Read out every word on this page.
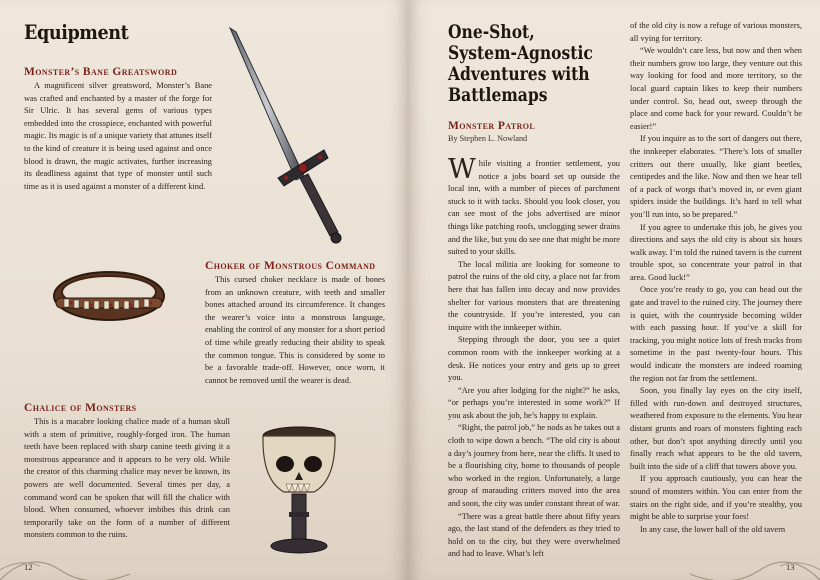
Equipment
Monster’s Bane Greatsword

A magnificent silver greatsword, Monster’s Bane was crafted and enchanted by a master of the forge for Sir Ulric. It has several gems of various types embedded into the crosspiece, enchanted with powerful magic. Its magic is of a unique variety that attunes itself to the kind of creature it is being used against and once blood is drawn, the magic activates, further increasing its deadliness against that type of monster until such time as it is used against a monster of a different kind.

Choker of Monstrous Command

This cursed choker necklace is made of bones from an unknown creature, with teeth and smaller bones attached around its circumference. It changes the wearer’s voice into a monstrous language, enabling the control of any monster for a short period of time while greatly reducing their ability to speak the common tongue. This is considered by some to be a favorable trade-off. However, once worn, it cannot be removed until the wearer is dead.

Chalice of Monsters

This is a macabre looking chalice made of a human skull with a stem of primitive, roughly-forged iron. The human teeth have been replaced with sharp canine teeth giving it a monstrous appearance and it appears to be very old. While the creator of this charming chalice may never be known, its powers are well documented. Several times per day, a command word can be spoken that will fill the chalice with blood. When consumed, whoever imbibes this drink can temporarily take on the form of a number of different monsters common to the ruins.

12
One-Shot, System-Agnostic Adventures with Battlemaps
Monster Patrol
By Stephen L. Nowland

While visiting a frontier settlement, you notice a jobs board set up outside the local inn, with a number of pieces of parchment stuck to it with tacks. Should you look closer, you can see most of the jobs advertised are minor things like patching roofs, unclogging sewer drains and the like, but you do see one that might be more suited to your skills.

The local militia are looking for someone to patrol the ruins of the old city, a place not far from here that has fallen into decay and now provides shelter for various monsters that are threatening the countryside. If you’re interested, you can inquire with the innkeeper within.

Stepping through the door, you see a quiet common room with the innkeeper working at a desk. He notices your entry and gets up to greet you.

“Are you after lodging for the night?” he asks, “or perhaps you’re interested in some work?” If you ask about the job, he’s happy to explain.

“Right, the patrol job,” he nods as he takes out a cloth to wipe down a bench. “The old city is about a day’s journey from here, near the cliffs. It used to be a flourishing city, home to thousands of people who worked in the region. Unfortunately, a large group of marauding critters moved into the area and soon, the city was under constant threat of war.

“There was a great battle there about fifty years ago, the last stand of the defenders as they tried to hold on to the city, but they were overwhelmed and had to leave. What’s left

of the old city is now a refuge of various monsters, all vying for territory.

“We wouldn’t care less, but now and then when their numbers grow too large, they venture out this way looking for food and more territory, so the local guard captain likes to keep their numbers under control. So, head out, sweep through the place and come back for your reward. Couldn’t be easier!”

If you inquire as to the sort of dangers out there, the innkeeper elaborates. “There’s lots of smaller critters out there usually, like giant beetles, centipedes and the like. Now and then we hear tell of a pack of worgs that’s moved in, or even giant spiders inside the buildings. It’s hard to tell what you’ll run into, so be prepared.”

If you agree to undertake this job, he gives you directions and says the old city is about six hours walk away. I’m told the ruined tavern is the current trouble spot, so concentrate your patrol in that area. Good luck!”

Once you’re ready to go, you can head out the gate and travel to the ruined city. The journey there is quiet, with the countryside becoming wilder with each passing hour. If you’ve a skill for tracking, you might notice lots of fresh tracks from sometime in the past twenty-four hours. This would indicate the monsters are indeed roaming the region not far from the settlement.

Soon, you finally lay eyes on the city itself, filled with run-down and destroyed structures, weathered from exposure to the elements. You hear distant grunts and roars of monsters fighting each other, but don’t spot anything directly until you finally reach what appears to be the old tavern, built into the side of a cliff that towers above you.

If you approach cautiously, you can hear the sound of monsters within. You can enter from the stairs on the right side, and if you’re stealthy, you might be able to surprise your foes!

In any case, the lower hall of the old tavern

13
